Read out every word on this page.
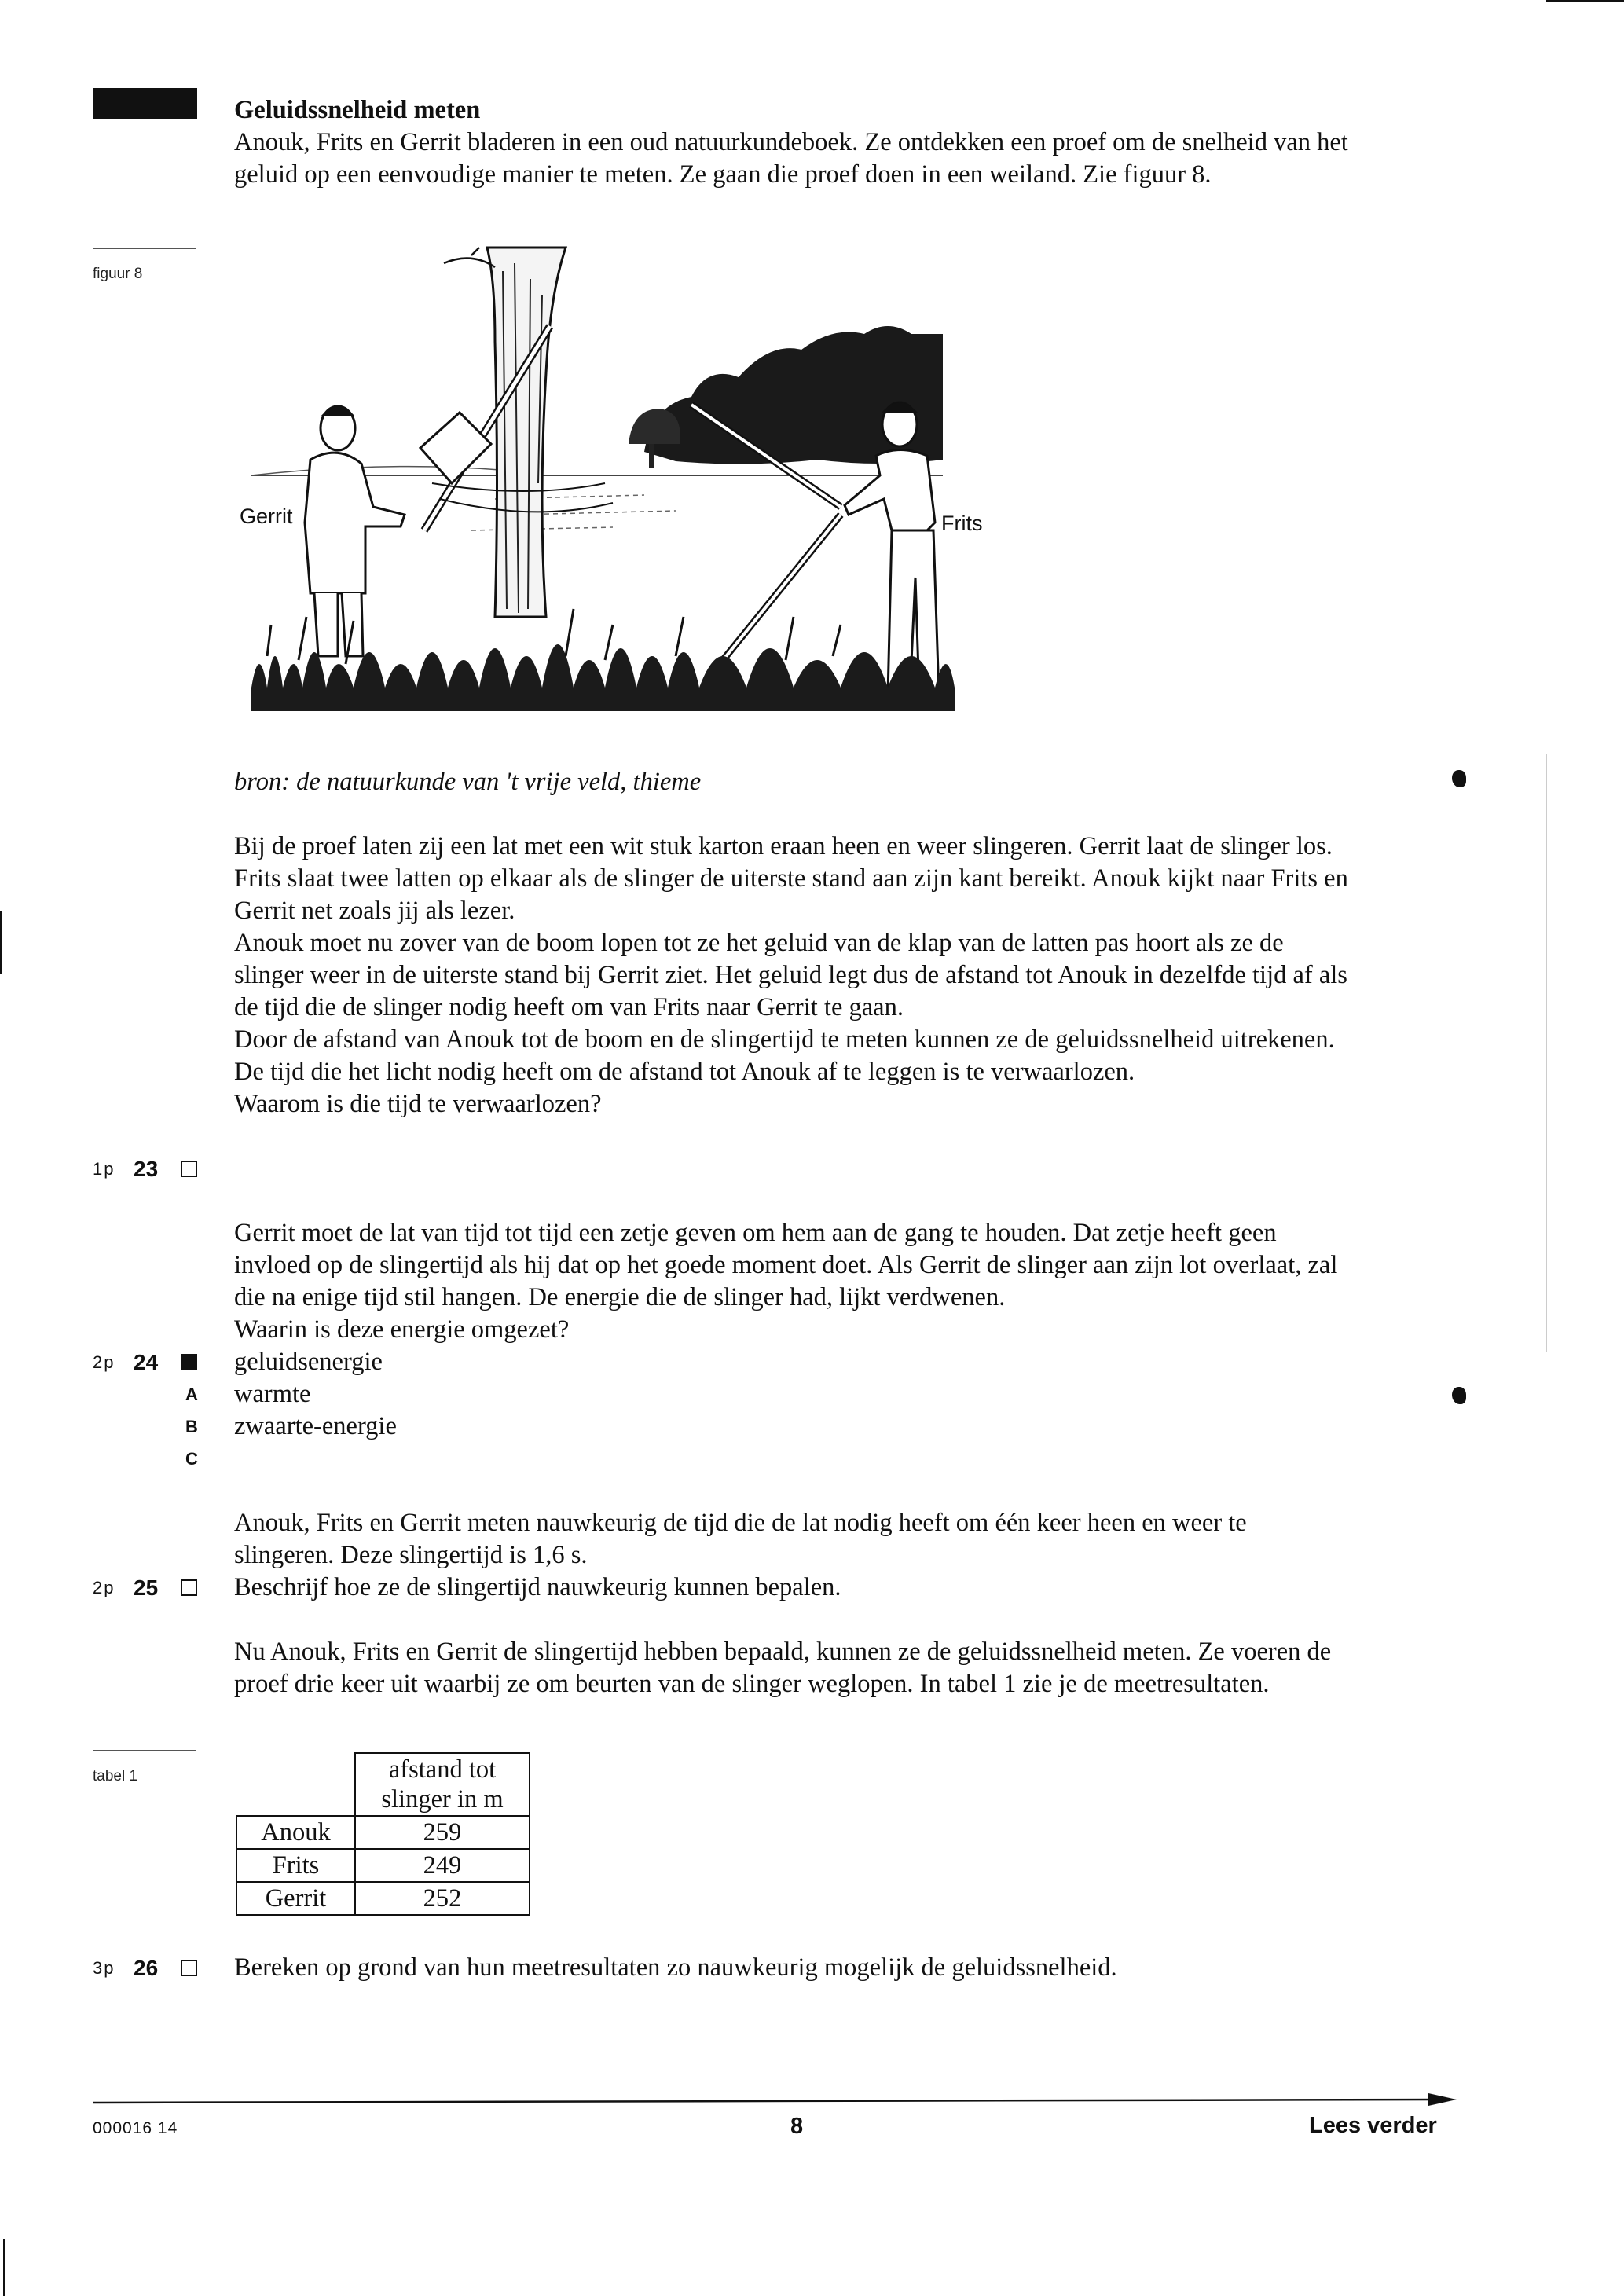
Geluidssnelheid meten

Anouk, Frits en Gerrit bladeren in een oud natuurkundeboek. Ze ontdekken een proef om de snelheid van het geluid op een eenvoudige manier te meten. Ze gaan die proef doen in een weiland. Zie figuur 8.

figuur 8
Gerrit	Frits
bron: de natuurkunde van 't vrije veld, thieme

Bij de proef laten zij een lat met een wit stuk karton eraan heen en weer slingeren. Gerrit laat de slinger los. Frits slaat twee latten op elkaar als de slinger de uiterste stand aan zijn kant bereikt. Anouk kijkt naar Frits en Gerrit net zoals jij als lezer.

Anouk moet nu zover van de boom lopen tot ze het geluid van de klap van de latten pas hoort als ze de slinger weer in de uiterste stand bij Gerrit ziet. Het geluid legt dus de afstand tot Anouk in dezelfde tijd af als de tijd die de slinger nodig heeft om van Frits naar Gerrit te gaan.

Door de afstand van Anouk tot de boom en de slingertijd te meten kunnen ze de geluidssnelheid uitrekenen. De tijd die het licht nodig heeft om de afstand tot Anouk af te leggen is te verwaarlozen.

Waarom is die tijd te verwaarlozen?

1p 23

Gerrit moet de lat van tijd tot tijd een zetje geven om hem aan de gang te houden. Dat zetje heeft geen invloed op de slingertijd als hij dat op het goede moment doet. Als Gerrit de slinger aan zijn lot overlaat, zal die na enige tijd stil hangen. De energie die de slinger had, lijkt verdwenen.

Waarin is deze energie omgezet?

geluidsenergie

warmte

zwaarte-energie

2p 24
A
B
C

Anouk, Frits en Gerrit meten nauwkeurig de tijd die de lat nodig heeft om één keer heen en weer te slingeren. Deze slingertijd is 1,6 s.

Beschrijf hoe ze de slingertijd nauwkeurig kunnen bepalen.

2p 25

Nu Anouk, Frits en Gerrit de slingertijd hebben bepaald, kunnen ze de geluidssnelheid meten. Ze voeren de proef drie keer uit waarbij ze om beurten van de slinger weglopen. In tabel 1 zie je de meetresultaten.

tabel 1
		afstand tot
slinger in m
Anouk	259
Frits	249
Gerrit	252

Bereken op grond van hun meetresultaten zo nauwkeurig mogelijk de geluidssnelheid.

3p 26
000016 14	8	Lees verder
